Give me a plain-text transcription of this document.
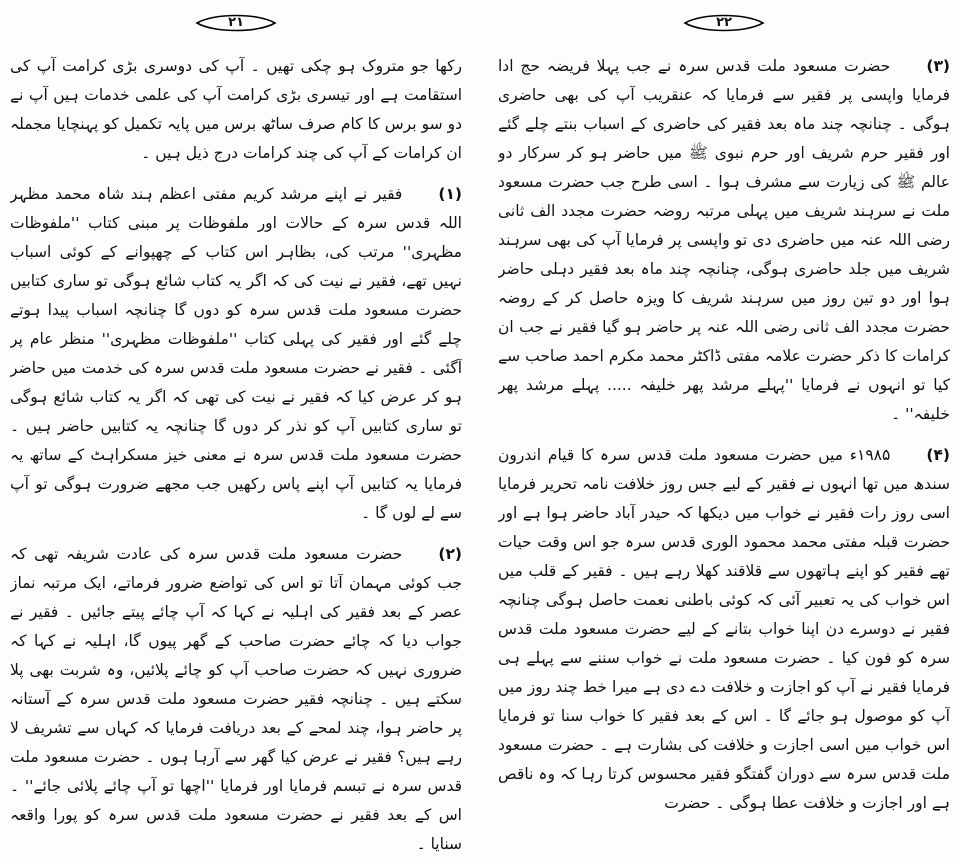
۲۲

(۳)حضرت مسعود ملت قدس سرہ نے جب پہلا فریضہ حج ادا فرمایا واپسی پر فقیر سے فرمایا کہ عنقریب آپ کی بھی حاضری ہوگی ۔ چنانچہ چند ماہ بعد فقیر کی حاضری کے اسباب بنتے چلے گئے اور فقیر حرم شریف اور حرم نبوی ﷺ میں حاضر ہو کر سرکار دو عالم ﷺ کی زیارت سے مشرف ہوا ۔ اسی طرح جب حضرت مسعود ملت نے سرہند شریف میں پہلی مرتبہ روضہ حضرت مجدد الف ثانی رضی اللہ عنہ میں حاضری دی تو واپسی پر فرمایا آپ کی بھی سرہند شریف میں جلد حاضری ہوگی، چنانچہ چند ماہ بعد فقیر دہلی حاضر ہوا اور دو تین روز میں سرہند شریف کا ویزہ حاصل کر کے روضہ حضرت مجدد الف ثانی رضی اللہ عنہ پر حاضر ہو گیا فقیر نے جب ان کرامات کا ذکر حضرت علامہ مفتی ڈاکٹر محمد مکرم احمد صاحب سے کیا تو انہوں نے فرمایا ''پہلے مرشد پھر خلیفہ ..... پہلے مرشد پھر خلیفہ'' ۔

(۴)۱۹۸۵ء میں حضرت مسعود ملت قدس سرہ کا قیام اندرون سندھ میں تھا انہوں نے فقیر کے لیے جس روز خلافت نامہ تحریر فرمایا اسی روز رات فقیر نے خواب میں دیکھا کہ حیدر آباد حاضر ہوا ہے اور حضرت قبلہ مفتی محمد محمود الوری قدس سرہ جو اس وقت حیات تھے فقیر کو اپنے ہاتھوں سے قلاقند کھلا رہے ہیں ۔ فقیر کے قلب میں اس خواب کی یہ تعبیر آئی کہ کوئی باطنی نعمت حاصل ہوگی چنانچہ فقیر نے دوسرے دن اپنا خواب بتانے کے لیے حضرت مسعود ملت قدس سرہ کو فون کیا ۔ حضرت مسعود ملت نے خواب سننے سے پہلے ہی فرمایا فقیر نے آپ کو اجازت و خلافت دے دی ہے میرا خط چند روز میں آپ کو موصول ہو جائے گا ۔ اس کے بعد فقیر کا خواب سنا تو فرمایا اس خواب میں اسی اجازت و خلافت کی بشارت ہے ۔ حضرت مسعود ملت قدس سرہ سے دوران گفتگو فقیر محسوس کرتا رہا کہ وہ ناقص ہے اور اجازت و خلافت عطا ہوگی ۔ حضرت

۲۱

رکھا جو متروک ہو چکی تھیں ۔ آپ کی دوسری بڑی کرامت آپ کی استقامت ہے اور تیسری بڑی کرامت آپ کی علمی خدمات ہیں آپ نے دو سو برس کا کام صرف ساٹھ برس میں پایہ تکمیل کو پہنچایا مجملہ ان کرامات کے آپ کی چند کرامات درج ذیل ہیں ۔

(۱)فقیر نے اپنے مرشد کریم مفتی اعظم ہند شاہ محمد مظہر اللہ قدس سرہ کے حالات اور ملفوظات پر مبنی کتاب ''ملفوظات مظہری'' مرتب کی، بظاہر اس کتاب کے چھپوانے کے کوئی اسباب نہیں تھے، فقیر نے نیت کی کہ اگر یہ کتاب شائع ہوگی تو ساری کتابیں حضرت مسعود ملت قدس سرہ کو دوں گا چنانچہ اسباب پیدا ہوتے چلے گئے اور فقیر کی پہلی کتاب ''ملفوظات مظہری'' منظر عام پر آگئی ۔ فقیر نے حضرت مسعود ملت قدس سرہ کی خدمت میں حاضر ہو کر عرض کیا کہ فقیر نے نیت کی تھی کہ اگر یہ کتاب شائع ہوگی تو ساری کتابیں آپ کو نذر کر دوں گا چنانچہ یہ کتابیں حاضر ہیں ۔ حضرت مسعود ملت قدس سرہ نے معنی خیز مسکراہٹ کے ساتھ یہ فرمایا یہ کتابیں آپ اپنے پاس رکھیں جب مجھے ضرورت ہوگی تو آپ سے لے لوں گا ۔

(۲)حضرت مسعود ملت قدس سرہ کی عادت شریفہ تھی کہ جب کوئی مہمان آتا تو اس کی تواضع ضرور فرماتے، ایک مرتبہ نماز عصر کے بعد فقیر کی اہلیہ نے کہا کہ آپ چائے پیتے جائیں ۔ فقیر نے جواب دیا کہ چائے حضرت صاحب کے گھر پیوں گا، اہلیہ نے کہا کہ ضروری نہیں کہ حضرت صاحب آپ کو چائے پلائیں، وہ شربت بھی پلا سکتے ہیں ۔ چنانچہ فقیر حضرت مسعود ملت قدس سرہ کے آستانہ پر حاضر ہوا، چند لمحے کے بعد دریافت فرمایا کہ کہاں سے تشریف لا رہے ہیں؟ فقیر نے عرض کیا گھر سے آرہا ہوں ۔ حضرت مسعود ملت قدس سرہ نے تبسم فرمایا اور فرمایا ''اچھا تو آپ چائے پلائی جائے'' ۔ اس کے بعد فقیر نے حضرت مسعود ملت قدس سرہ کو پورا واقعہ سنایا ۔
